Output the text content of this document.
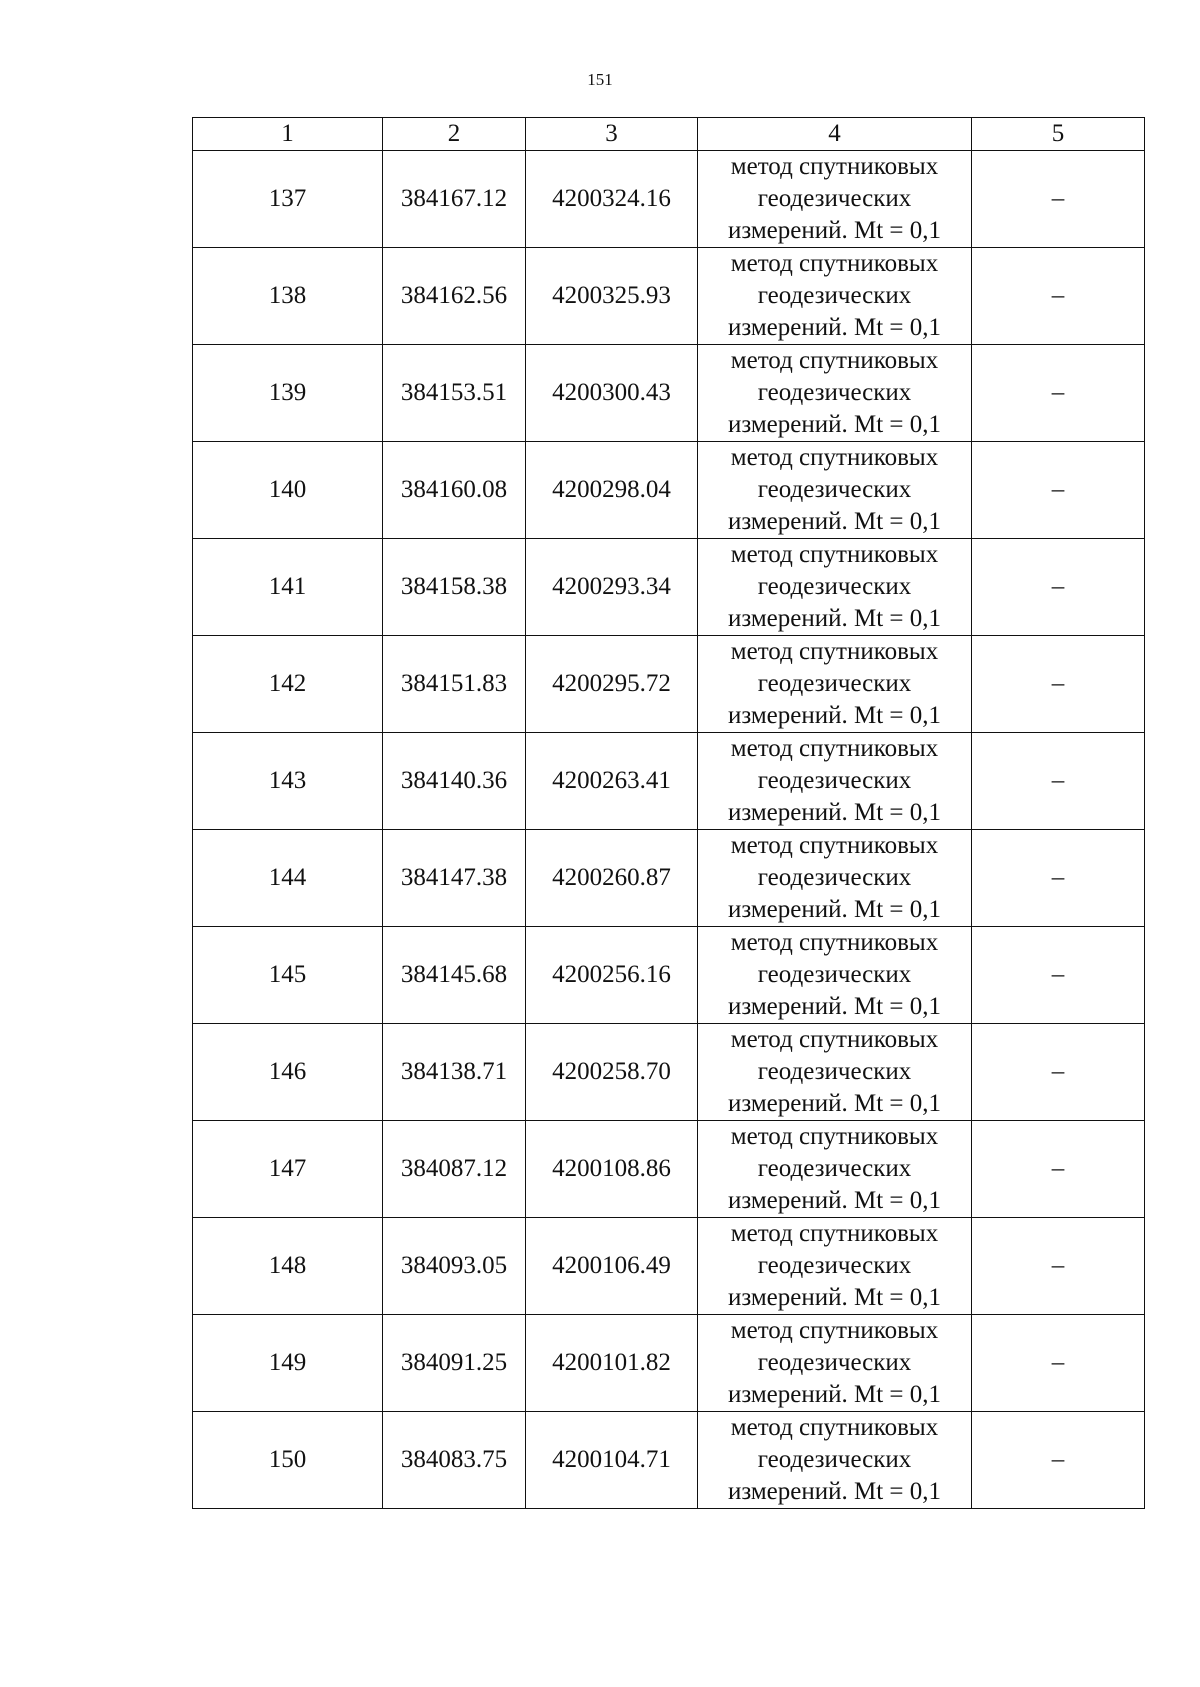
151
1	2	3	4	5
137	384167.12	4200324.16	метод спутниковых
геодезических
измерений. Mt = 0,1	–
138	384162.56	4200325.93	метод спутниковых
геодезических
измерений. Mt = 0,1	–
139	384153.51	4200300.43	метод спутниковых
геодезических
измерений. Mt = 0,1	–
140	384160.08	4200298.04	метод спутниковых
геодезических
измерений. Mt = 0,1	–
141	384158.38	4200293.34	метод спутниковых
геодезических
измерений. Mt = 0,1	–
142	384151.83	4200295.72	метод спутниковых
геодезических
измерений. Mt = 0,1	–
143	384140.36	4200263.41	метод спутниковых
геодезических
измерений. Mt = 0,1	–
144	384147.38	4200260.87	метод спутниковых
геодезических
измерений. Mt = 0,1	–
145	384145.68	4200256.16	метод спутниковых
геодезических
измерений. Mt = 0,1	–
146	384138.71	4200258.70	метод спутниковых
геодезических
измерений. Mt = 0,1	–
147	384087.12	4200108.86	метод спутниковых
геодезических
измерений. Mt = 0,1	–
148	384093.05	4200106.49	метод спутниковых
геодезических
измерений. Mt = 0,1	–
149	384091.25	4200101.82	метод спутниковых
геодезических
измерений. Mt = 0,1	–
150	384083.75	4200104.71	метод спутниковых
геодезических
измерений. Mt = 0,1	–
